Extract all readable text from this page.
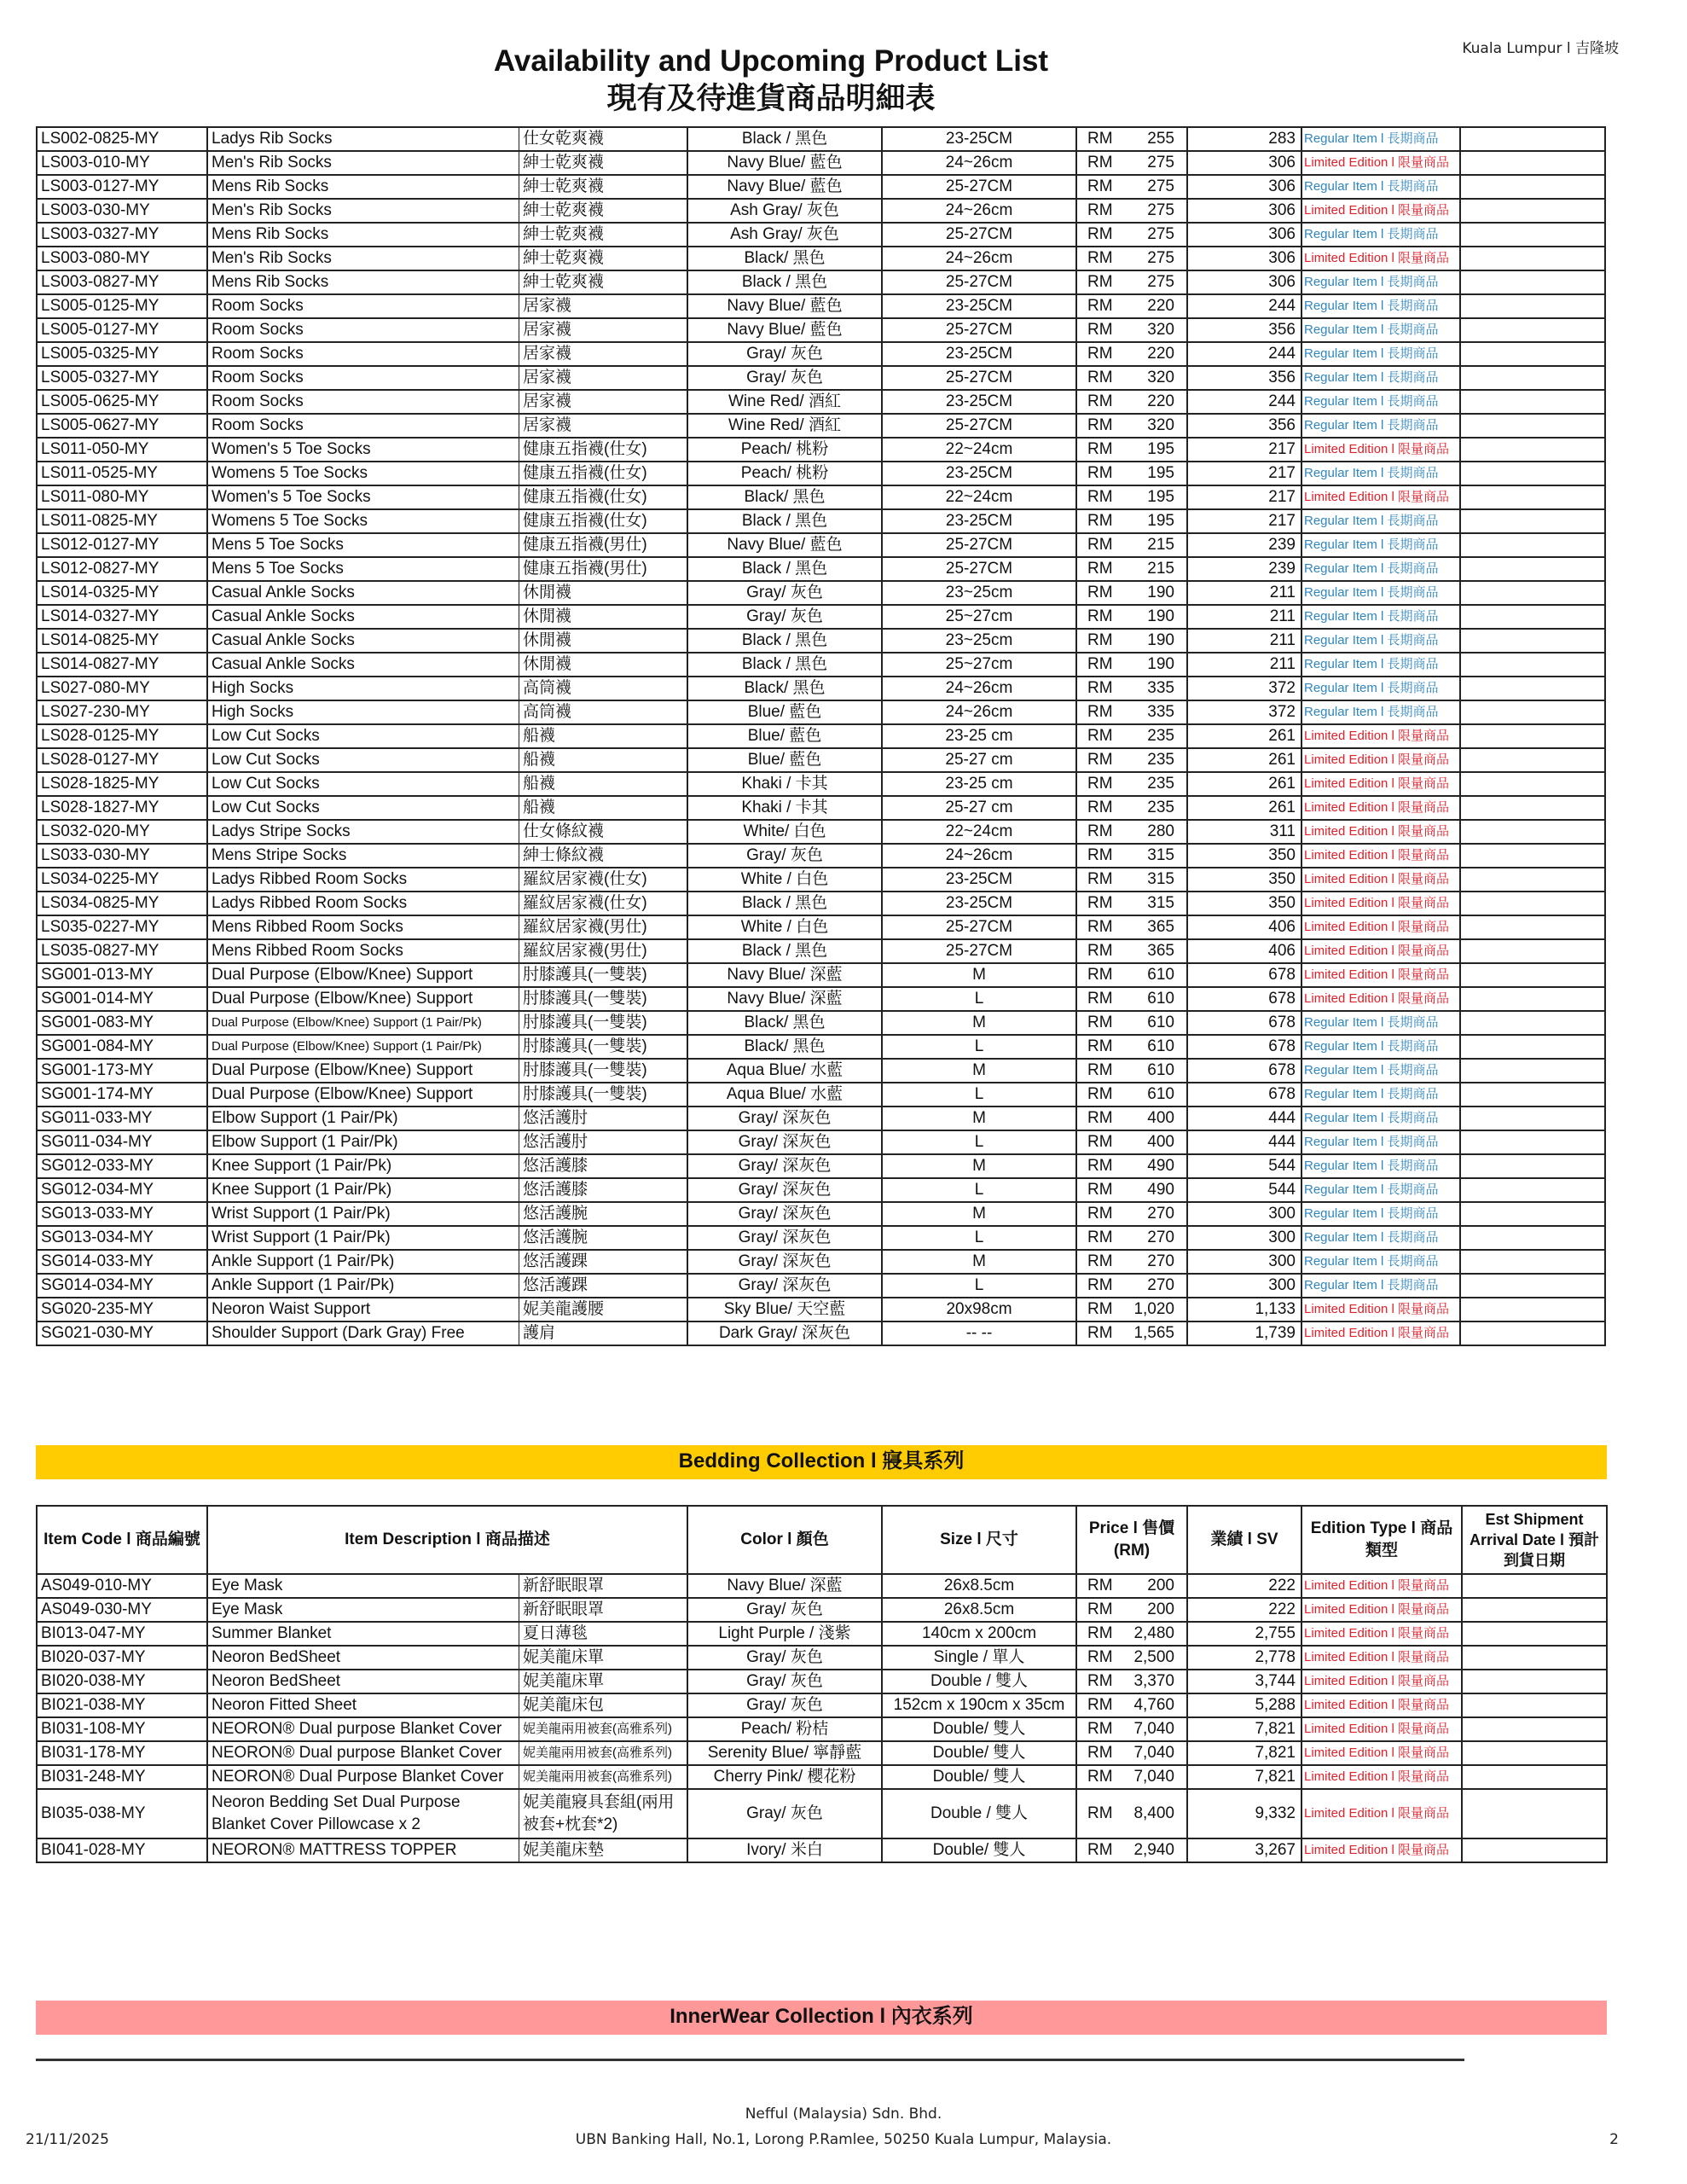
Kuala Lumpur l 吉隆坡
Availability and Upcoming Product List
現有及待進貨商品明細表
LS002-0825-MY	Ladys Rib Socks	仕女乾爽襪	Black / 黑色	23-25CM	RM 255	283	Regular Item l 長期商品	
LS003-010-MY	Men's Rib Socks	紳士乾爽襪	Navy Blue/ 藍色	24~26cm	RM 275	306	Limited Edition l 限量商品	
LS003-0127-MY	Mens Rib Socks	紳士乾爽襪	Navy Blue/ 藍色	25-27CM	RM 275	306	Regular Item l 長期商品	
LS003-030-MY	Men's Rib Socks	紳士乾爽襪	Ash Gray/ 灰色	24~26cm	RM 275	306	Limited Edition l 限量商品	
LS003-0327-MY	Mens Rib Socks	紳士乾爽襪	Ash Gray/ 灰色	25-27CM	RM 275	306	Regular Item l 長期商品	
LS003-080-MY	Men's Rib Socks	紳士乾爽襪	Black/ 黑色	24~26cm	RM 275	306	Limited Edition l 限量商品	
LS003-0827-MY	Mens Rib Socks	紳士乾爽襪	Black / 黑色	25-27CM	RM 275	306	Regular Item l 長期商品	
LS005-0125-MY	Room Socks	居家襪	Navy Blue/ 藍色	23-25CM	RM 220	244	Regular Item l 長期商品	
LS005-0127-MY	Room Socks	居家襪	Navy Blue/ 藍色	25-27CM	RM 320	356	Regular Item l 長期商品	
LS005-0325-MY	Room Socks	居家襪	Gray/ 灰色	23-25CM	RM 220	244	Regular Item l 長期商品	
LS005-0327-MY	Room Socks	居家襪	Gray/ 灰色	25-27CM	RM 320	356	Regular Item l 長期商品	
LS005-0625-MY	Room Socks	居家襪	Wine Red/ 酒紅	23-25CM	RM 220	244	Regular Item l 長期商品	
LS005-0627-MY	Room Socks	居家襪	Wine Red/ 酒紅	25-27CM	RM 320	356	Regular Item l 長期商品	
LS011-050-MY	Women's 5 Toe Socks	健康五指襪(仕女)	Peach/ 桃粉	22~24cm	RM 195	217	Limited Edition l 限量商品	
LS011-0525-MY	Womens 5 Toe Socks	健康五指襪(仕女)	Peach/ 桃粉	23-25CM	RM 195	217	Regular Item l 長期商品	
LS011-080-MY	Women's 5 Toe Socks	健康五指襪(仕女)	Black/ 黑色	22~24cm	RM 195	217	Limited Edition l 限量商品	
LS011-0825-MY	Womens 5 Toe Socks	健康五指襪(仕女)	Black / 黑色	23-25CM	RM 195	217	Regular Item l 長期商品	
LS012-0127-MY	Mens 5 Toe Socks	健康五指襪(男仕)	Navy Blue/ 藍色	25-27CM	RM 215	239	Regular Item l 長期商品	
LS012-0827-MY	Mens 5 Toe Socks	健康五指襪(男仕)	Black / 黑色	25-27CM	RM 215	239	Regular Item l 長期商品	
LS014-0325-MY	Casual Ankle Socks	休閒襪	Gray/ 灰色	23~25cm	RM 190	211	Regular Item l 長期商品	
LS014-0327-MY	Casual Ankle Socks	休閒襪	Gray/ 灰色	25~27cm	RM 190	211	Regular Item l 長期商品	
LS014-0825-MY	Casual Ankle Socks	休閒襪	Black / 黑色	23~25cm	RM 190	211	Regular Item l 長期商品	
LS014-0827-MY	Casual Ankle Socks	休閒襪	Black / 黑色	25~27cm	RM 190	211	Regular Item l 長期商品	
LS027-080-MY	High Socks	高筒襪	Black/ 黑色	24~26cm	RM 335	372	Regular Item l 長期商品	
LS027-230-MY	High Socks	高筒襪	Blue/ 藍色	24~26cm	RM 335	372	Regular Item l 長期商品	
LS028-0125-MY	Low Cut Socks	船襪	Blue/ 藍色	23-25 cm	RM 235	261	Limited Edition l 限量商品	
LS028-0127-MY	Low Cut Socks	船襪	Blue/ 藍色	25-27 cm	RM 235	261	Limited Edition l 限量商品	
LS028-1825-MY	Low Cut Socks	船襪	Khaki / 卡其	23-25 cm	RM 235	261	Limited Edition l 限量商品	
LS028-1827-MY	Low Cut Socks	船襪	Khaki / 卡其	25-27 cm	RM 235	261	Limited Edition l 限量商品	
LS032-020-MY	Ladys Stripe Socks	仕女條紋襪	White/ 白色	22~24cm	RM 280	311	Limited Edition l 限量商品	
LS033-030-MY	Mens Stripe Socks	紳士條紋襪	Gray/ 灰色	24~26cm	RM 315	350	Limited Edition l 限量商品	
LS034-0225-MY	Ladys Ribbed Room Socks	羅紋居家襪(仕女)	White / 白色	23-25CM	RM 315	350	Limited Edition l 限量商品	
LS034-0825-MY	Ladys Ribbed Room Socks	羅紋居家襪(仕女)	Black / 黑色	23-25CM	RM 315	350	Limited Edition l 限量商品	
LS035-0227-MY	Mens Ribbed Room Socks	羅紋居家襪(男仕)	White / 白色	25-27CM	RM 365	406	Limited Edition l 限量商品	
LS035-0827-MY	Mens Ribbed Room Socks	羅紋居家襪(男仕)	Black / 黑色	25-27CM	RM 365	406	Limited Edition l 限量商品	
SG001-013-MY	Dual Purpose (Elbow/Knee) Support	肘膝護具(一雙裝)	Navy Blue/ 深藍	M	RM 610	678	Limited Edition l 限量商品	
SG001-014-MY	Dual Purpose (Elbow/Knee) Support	肘膝護具(一雙裝)	Navy Blue/ 深藍	L	RM 610	678	Limited Edition l 限量商品	
SG001-083-MY	Dual Purpose (Elbow/Knee) Support (1 Pair/Pk)	肘膝護具(一雙裝)	Black/ 黑色	M	RM 610	678	Regular Item l 長期商品	
SG001-084-MY	Dual Purpose (Elbow/Knee) Support (1 Pair/Pk)	肘膝護具(一雙裝)	Black/ 黑色	L	RM 610	678	Regular Item l 長期商品	
SG001-173-MY	Dual Purpose (Elbow/Knee) Support	肘膝護具(一雙裝)	Aqua Blue/ 水藍	M	RM 610	678	Regular Item l 長期商品	
SG001-174-MY	Dual Purpose (Elbow/Knee) Support	肘膝護具(一雙裝)	Aqua Blue/ 水藍	L	RM 610	678	Regular Item l 長期商品	
SG011-033-MY	Elbow Support (1 Pair/Pk)	悠活護肘	Gray/ 深灰色	M	RM 400	444	Regular Item l 長期商品	
SG011-034-MY	Elbow Support (1 Pair/Pk)	悠活護肘	Gray/ 深灰色	L	RM 400	444	Regular Item l 長期商品	
SG012-033-MY	Knee Support (1 Pair/Pk)	悠活護膝	Gray/ 深灰色	M	RM 490	544	Regular Item l 長期商品	
SG012-034-MY	Knee Support (1 Pair/Pk)	悠活護膝	Gray/ 深灰色	L	RM 490	544	Regular Item l 長期商品	
SG013-033-MY	Wrist Support (1 Pair/Pk)	悠活護腕	Gray/ 深灰色	M	RM 270	300	Regular Item l 長期商品	
SG013-034-MY	Wrist Support (1 Pair/Pk)	悠活護腕	Gray/ 深灰色	L	RM 270	300	Regular Item l 長期商品	
SG014-033-MY	Ankle Support (1 Pair/Pk)	悠活護踝	Gray/ 深灰色	M	RM 270	300	Regular Item l 長期商品	
SG014-034-MY	Ankle Support (1 Pair/Pk)	悠活護踝	Gray/ 深灰色	L	RM 270	300	Regular Item l 長期商品	
SG020-235-MY	Neoron Waist Support	妮美龍護腰	Sky Blue/ 天空藍	20x98cm	RM 1,020	1,133	Limited Edition l 限量商品	
SG021-030-MY	Shoulder Support (Dark Gray) Free	護肩	Dark Gray/ 深灰色	-- --	RM 1,565	1,739	Limited Edition l 限量商品	
Bedding Collection l 寢具系列
Item Code l 商品編號	Item Description l 商品描述		Color l 顏色	Size l 尺寸	Price l 售價 (RM)	業績 l SV	Edition Type l 商品類型	Est Shipment Arrival Date l 預計到貨日期
AS049-010-MY	Eye Mask	新舒眠眼罩	Navy Blue/ 深藍	26x8.5cm	RM 200	222	Limited Edition l 限量商品	
AS049-030-MY	Eye Mask	新舒眠眼罩	Gray/ 灰色	26x8.5cm	RM 200	222	Limited Edition l 限量商品	
BI013-047-MY	Summer Blanket	夏日薄毯	Light Purple / 淺紫	140cm x 200cm	RM 2,480	2,755	Limited Edition l 限量商品	
BI020-037-MY	Neoron BedSheet	妮美龍床單	Gray/ 灰色	Single / 單人	RM 2,500	2,778	Limited Edition l 限量商品	
BI020-038-MY	Neoron BedSheet	妮美龍床單	Gray/ 灰色	Double / 雙人	RM 3,370	3,744	Limited Edition l 限量商品	
BI021-038-MY	Neoron Fitted Sheet	妮美龍床包	Gray/ 灰色	152cm x 190cm x 35cm	RM 4,760	5,288	Limited Edition l 限量商品	
BI031-108-MY	NEORON® Dual purpose Blanket Cover	妮美龍兩用被套(高雅系列)	Peach/ 粉桔	Double/ 雙人	RM 7,040	7,821	Limited Edition l 限量商品	
BI031-178-MY	NEORON® Dual purpose Blanket Cover	妮美龍兩用被套(高雅系列)	Serenity Blue/ 寧靜藍	Double/ 雙人	RM 7,040	7,821	Limited Edition l 限量商品	
BI031-248-MY	NEORON® Dual Purpose Blanket Cover	妮美龍兩用被套(高雅系列)	Cherry Pink/ 櫻花粉	Double/ 雙人	RM 7,040	7,821	Limited Edition l 限量商品	
BI035-038-MY	Neoron Bedding Set Dual Purpose Blanket Cover Pillowcase x 2	妮美龍寢具套組(兩用被套+枕套*2)	Gray/ 灰色	Double / 雙人	RM 8,400	9,332	Limited Edition l 限量商品	
BI041-028-MY	NEORON® MATTRESS TOPPER	妮美龍床墊	Ivory/ 米白	Double/ 雙人	RM 2,940	3,267	Limited Edition l 限量商品	
InnerWear Collection l 內衣系列
Nefful (Malaysia) Sdn. Bhd.
UBN Banking Hall, No.1, Lorong P.Ramlee, 50250 Kuala Lumpur, Malaysia.
21/11/2025	2
